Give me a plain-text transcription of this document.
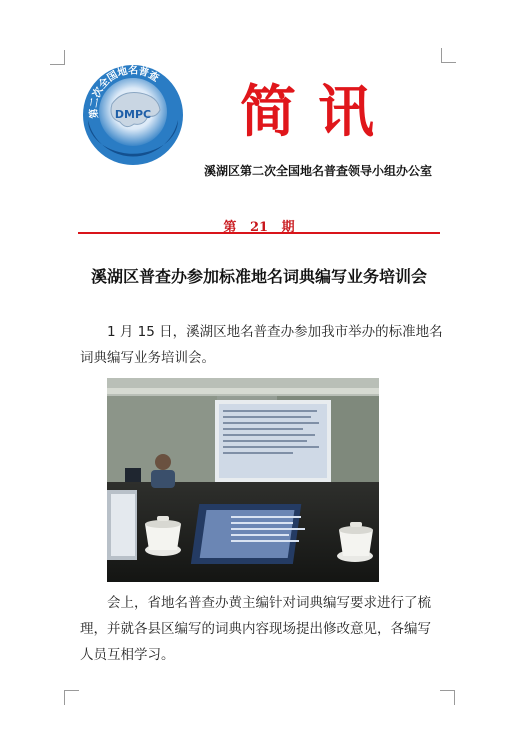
第二次全国地名普查
DMPC 简讯
溪湖区第二次全国地名普查领导小组办公室
第   21   期
溪湖区普查办参加标准地名词典编写业务培训会

1 月 15 日，溪湖区地名普查办参加我市举办的标准地名词典编写业务培训会。

会上，省地名普查办黄主编针对词典编写要求进行了梳理，并就各县区编写的词典内容现场提出修改意见，各编写人员互相学习。
